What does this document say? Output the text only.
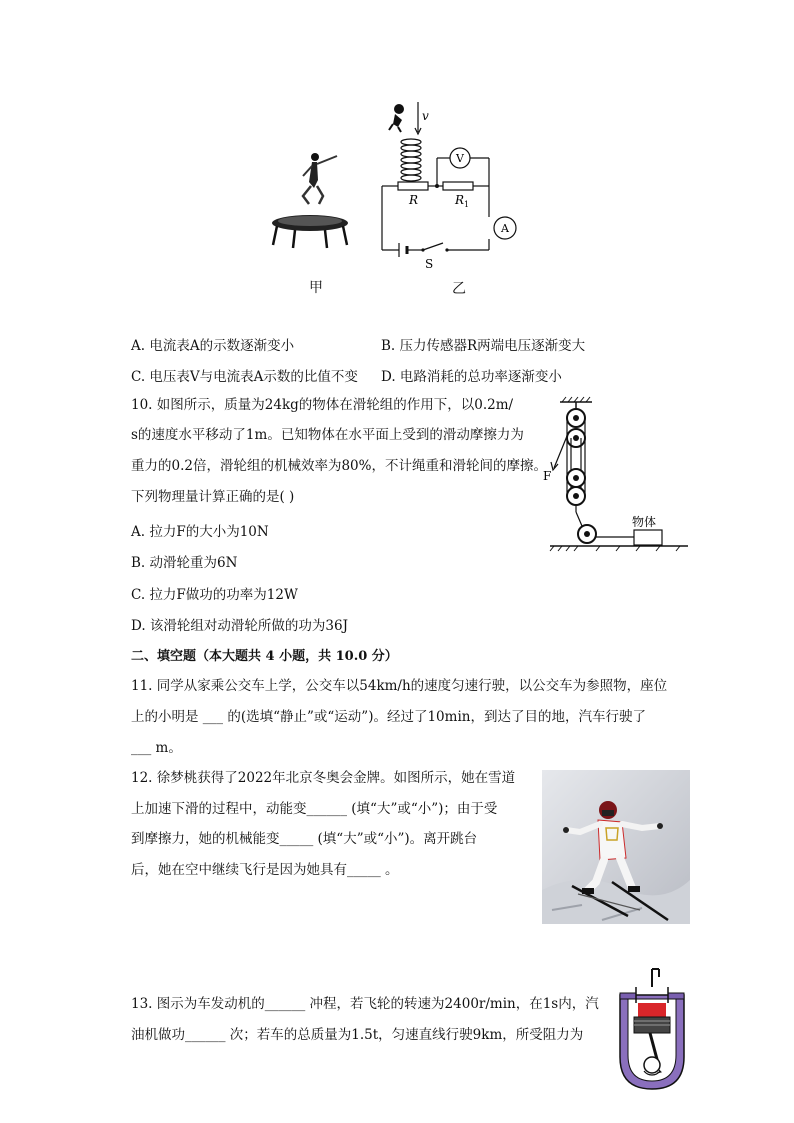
v
V
A
R	$R_1$
S
甲	乙
A. 电流表A的示数逐渐变小	B. 压力传感器R两端电压逐渐变大
C. 电压表V与电流表A示数的比值不变 D. 电路消耗的总功率逐渐变小
10. 如图所示，质量为24kg的物体在滑轮组的作用下，以0.2m/
s的速度水平移动了1m。已知物体在水平面上受到的滑动摩擦力为
重力的0.2倍，滑轮组的机械效率为80%，不计绳重和滑轮间的摩擦。
下列物理量计算正确的是( )
A. 拉力F的大小为10N
B. 动滑轮重为6N
C. 拉力F做功的功率为12W
D. 该滑轮组对动滑轮所做的功为36J
F
物体
二、填空题（本大题共 4 小题，共 10.0 分）
11. 同学从家乘公交车上学，公交车以54km/h的速度匀速行驶，以公交车为参照物，座位
上的小明是 ___ 的(选填“静止”或“运动”)。经过了10min，到达了目的地，汽车行驶了
___ m。
12. 徐梦桃获得了2022年北京冬奥会金牌。如图所示，她在雪道
上加速下滑的过程中，动能变______ (填“大”或“小”)；由于受
到摩擦力，她的机械能变_____ (填“大”或“小”)。离开跳台
后，她在空中继续飞行是因为她具有_____ 。
13. 图示为车发动机的______ 冲程，若飞轮的转速为2400r/min，在1s内，汽
油机做功______ 次；若车的总质量为1.5t，匀速直线行驶9km，所受阻力为
